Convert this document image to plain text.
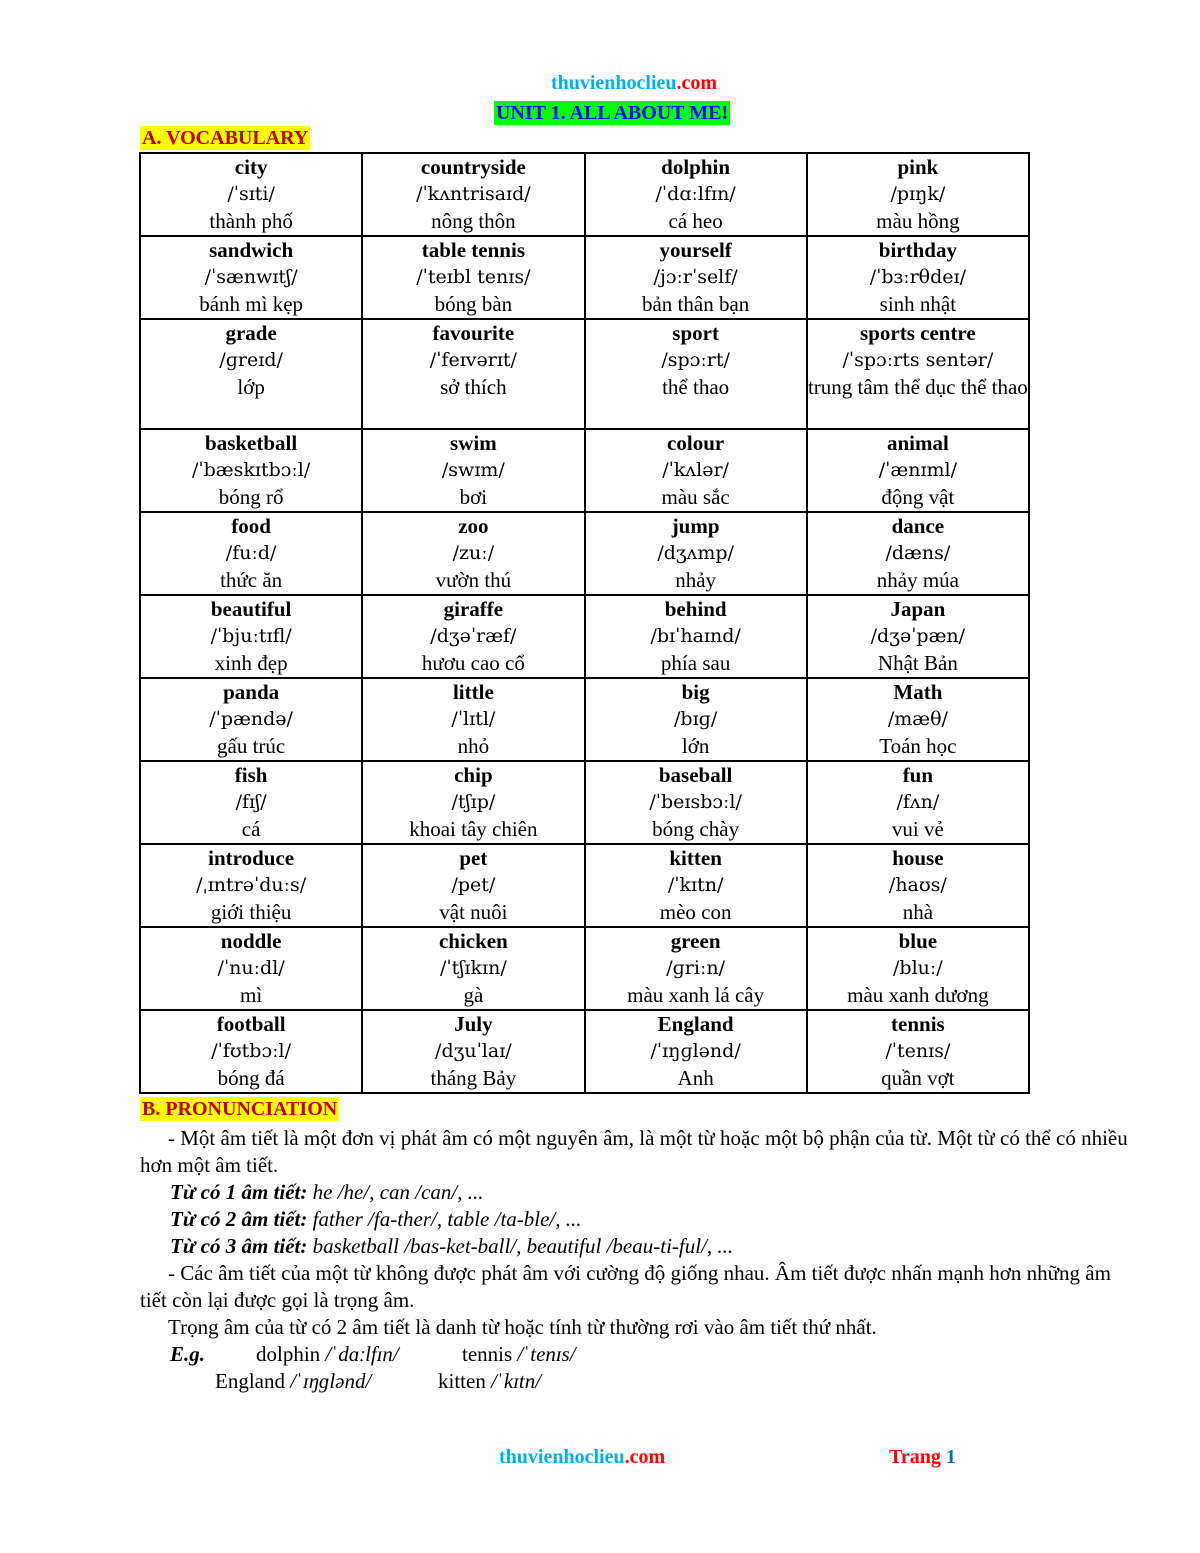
thuvienhoclieu.com
UNIT 1. ALL ABOUT ME!
A. VOCABULARY
city
/ˈsɪti/
thành phố	countryside
/ˈkʌntrisaɪd/
nông thôn	dolphin
/ˈdɑːlfɪn/
cá heo	pink
/pɪŋk/
màu hồng

sandwich
/ˈsænwɪtʃ/
bánh mì kẹp	table tennis
/ˈteɪbl tenɪs/
bóng bàn	yourself
/jɔːrˈself/
bản thân bạn	birthday
/ˈbɜːrθdeɪ/
sinh nhật

grade
/ɡreɪd/
lớp	favourite
/ˈfeɪvərɪt/
sở thích	sport
/spɔːrt/
thể thao	sports centre
/ˈspɔːrts sentər/
trung tâm thể dục thể thao

basketball
/ˈbæskɪtbɔːl/
bóng rổ	swim
/swɪm/
bơi	colour
/ˈkʌlər/
màu sắc	animal
/ˈænɪml/
động vật

food
/fuːd/
thức ăn	zoo
/zuː/
vườn thú	jump
/dʒʌmp/
nhảy	dance
/dæns/
nhảy múa

beautiful
/ˈbjuːtɪfl/
xinh đẹp	giraffe
/dʒəˈræf/
hươu cao cổ	behind
/bɪˈhaɪnd/
phía sau	Japan
/dʒəˈpæn/
Nhật Bản

panda
/ˈpændə/
gấu trúc	little
/ˈlɪtl/
nhỏ	big
/bɪɡ/
lớn	Math
/mæθ/
Toán học

fish
/fɪʃ/
cá	chip
/tʃɪp/
khoai tây chiên	baseball
/ˈbeɪsbɔːl/
bóng chày	fun
/fʌn/
vui vẻ

introduce
/ˌɪntrəˈduːs/
giới thiệu	pet
/pet/
vật nuôi	kitten
/ˈkɪtn/
mèo con	house
/haʊs/
nhà

noddle
/ˈnuːdl/
mì	chicken
/ˈtʃɪkɪn/
gà	green
/ɡriːn/
màu xanh lá cây	blue
/bluː/
màu xanh dương

football
/ˈfʊtbɔːl/
bóng đá	July
/dʒuˈlaɪ/
tháng Bảy	England
/ˈɪŋɡlənd/
Anh	tennis
/ˈtenɪs/
quần vợt
B. PRONUNCIATION
- Một âm tiết là một đơn vị phát âm có một nguyên âm, là một từ hoặc một bộ phận của từ. Một từ có thể có nhiều hơn một âm tiết.
Từ có 1 âm tiết: he /he/, can /can/, ...
Từ có 2 âm tiết: father /fa-ther/, table /ta-ble/, ...
Từ có 3 âm tiết: basketball /bas-ket-ball/, beautiful /beau-ti-ful/, ...
- Các âm tiết của một từ không được phát âm với cường độ giống nhau. Âm tiết được nhấn mạnh hơn những âm tiết còn lại được gọi là trọng âm.
Trọng âm của từ có 2 âm tiết là danh từ hoặc tính từ thường rơi vào âm tiết thứ nhất.
E.g. dolphin /ˈdɑːlfɪn/	tennis /ˈtenɪs/
England /ˈɪŋɡlənd/	kitten /ˈkɪtn/
thuvienhoclieu.com	Trang 1
